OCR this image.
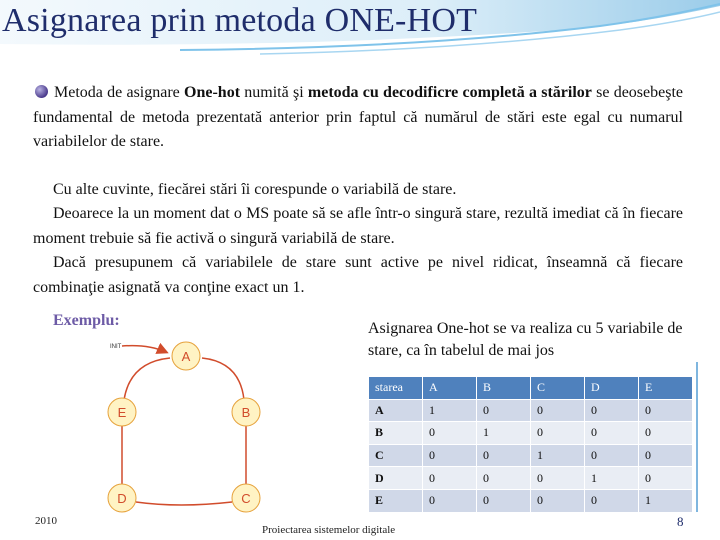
Asignarea prin metoda ONE-HOT
Metoda de asignare One-hot numită şi metoda cu decodificre completă a stărilor se deosebeşte fundamental de metoda prezentată anterior prin faptul că numărul de stări este egal cu numarul variabilelor de stare.
Cu alte cuvinte, fiecărei stări îi corespunde o variabilă de stare.
Deoarece la un moment dat o MS poate să se afle într-o singură stare, rezultă imediat că în fiecare moment trebuie să fie activă o singură variabilă de stare.
Dacă presupunem că variabilele de stare sunt active pe nivel ridicat, înseamnă că fiecare combinaţie asignată va conţine exact un 1.
Exemplu:
INIT
A
B
C
D
E
Asignarea One-hot se va realiza cu 5 variabile de stare, ca în tabelul de mai jos
starea	A	B	C	D	E
A	1	0	0	0	0
B	0	1	0	0	0
C	0	0	1	0	0
D	0	0	0	1	0
E	0	0	0	0	1
2010
Proiectarea sistemelor digitale
8
